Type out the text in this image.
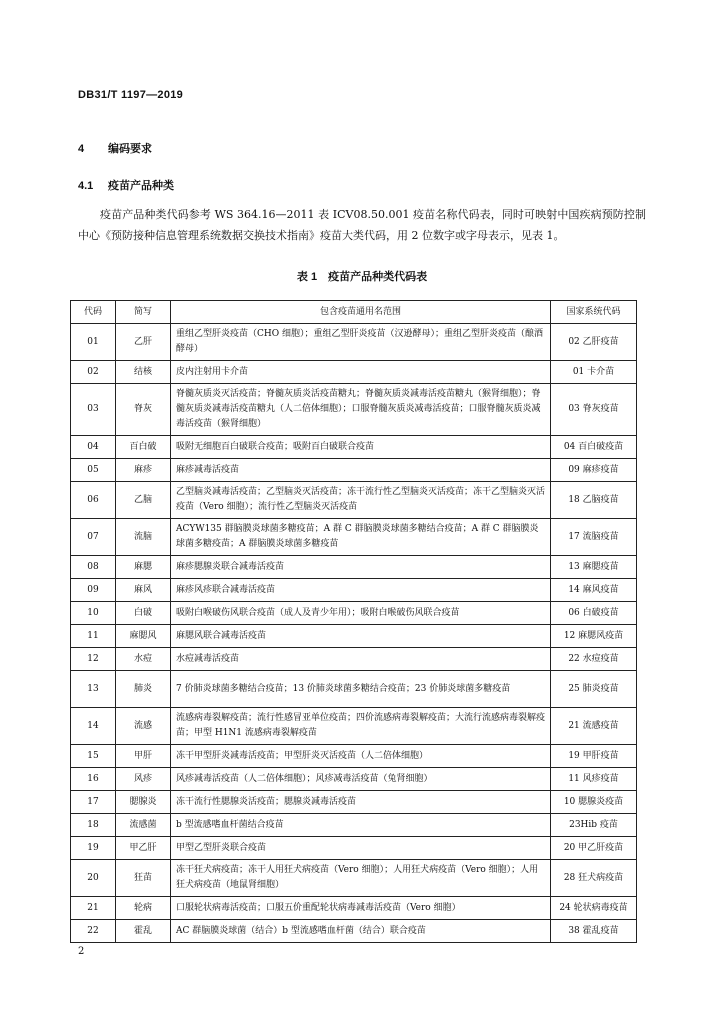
DB31/T 1197—2019
4 编码要求
4.1 疫苗产品种类

疫苗产品种类代码参考 WS 364.16—2011 表 ICV08.50.001 疫苗名称代码表，同时可映射中国疾病预防控制中心《预防接种信息管理系统数据交换技术指南》疫苗大类代码，用 2 位数字或字母表示，见表 1。

表 1　疫苗产品种类代码表
代码	简写	包含疫苗通用名范围	国家系统代码
01	乙肝	重组乙型肝炎疫苗（CHO 细胞）；重组乙型肝炎疫苗（汉逊酵母）；重组乙型肝炎疫苗（酿酒酵母）	02 乙肝疫苗
02	结核	皮内注射用卡介苗	01 卡介苗
03	脊灰	脊髓灰质炎灭活疫苗；脊髓灰质炎活疫苗糖丸；脊髓灰质炎减毒活疫苗糖丸（猴肾细胞）；脊髓灰质炎减毒活疫苗糖丸（人二倍体细胞）；口服脊髓灰质炎减毒活疫苗；口服脊髓灰质炎减毒活疫苗（猴肾细胞）	03 脊灰疫苗
04	百白破	吸附无细胞百白破联合疫苗；吸附百白破联合疫苗	04 百白破疫苗
05	麻疹	麻疹减毒活疫苗	09 麻疹疫苗
06	乙脑	乙型脑炎减毒活疫苗；乙型脑炎灭活疫苗；冻干流行性乙型脑炎灭活疫苗；冻干乙型脑炎灭活疫苗（Vero 细胞）；流行性乙型脑炎灭活疫苗	18 乙脑疫苗
07	流脑	ACYW135 群脑膜炎球菌多糖疫苗；A 群 C 群脑膜炎球菌多糖结合疫苗；A 群 C 群脑膜炎球菌多糖疫苗；A 群脑膜炎球菌多糖疫苗	17 流脑疫苗
08	麻腮	麻疹腮腺炎联合减毒活疫苗	13 麻腮疫苗
09	麻风	麻疹风疹联合减毒活疫苗	14 麻风疫苗
10	白破	吸附白喉破伤风联合疫苗（成人及青少年用）；吸附白喉破伤风联合疫苗	06 白破疫苗
11	麻腮风	麻腮风联合减毒活疫苗	12 麻腮风疫苗
12	水痘	水痘减毒活疫苗	22 水痘疫苗
13	肺炎	7 价肺炎球菌多糖结合疫苗；13 价肺炎球菌多糖结合疫苗；23 价肺炎球菌多糖疫苗	25 肺炎疫苗
14	流感	流感病毒裂解疫苗；流行性感冒亚单位疫苗；四价流感病毒裂解疫苗；大流行流感病毒裂解疫苗；甲型 H1N1 流感病毒裂解疫苗	21 流感疫苗
15	甲肝	冻干甲型肝炎减毒活疫苗；甲型肝炎灭活疫苗（人二倍体细胞）	19 甲肝疫苗
16	风疹	风疹减毒活疫苗（人二倍体细胞）；风疹减毒活疫苗（兔肾细胞）	11 风疹疫苗
17	腮腺炎	冻干流行性腮腺炎活疫苗；腮腺炎减毒活疫苗	10 腮腺炎疫苗
18	流感菌	b 型流感嗜血杆菌结合疫苗	23Hib 疫苗
19	甲乙肝	甲型乙型肝炎联合疫苗	20 甲乙肝疫苗
20	狂苗	冻干狂犬病疫苗；冻干人用狂犬病疫苗（Vero 细胞）；人用狂犬病疫苗（Vero 细胞）；人用狂犬病疫苗（地鼠肾细胞）	28 狂犬病疫苗
21	轮病	口服轮状病毒活疫苗；口服五价重配轮状病毒减毒活疫苗（Vero 细胞）	24 轮状病毒疫苗
22	霍乱	AC 群脑膜炎球菌（结合）b 型流感嗜血杆菌（结合）联合疫苗	38 霍乱疫苗
2
